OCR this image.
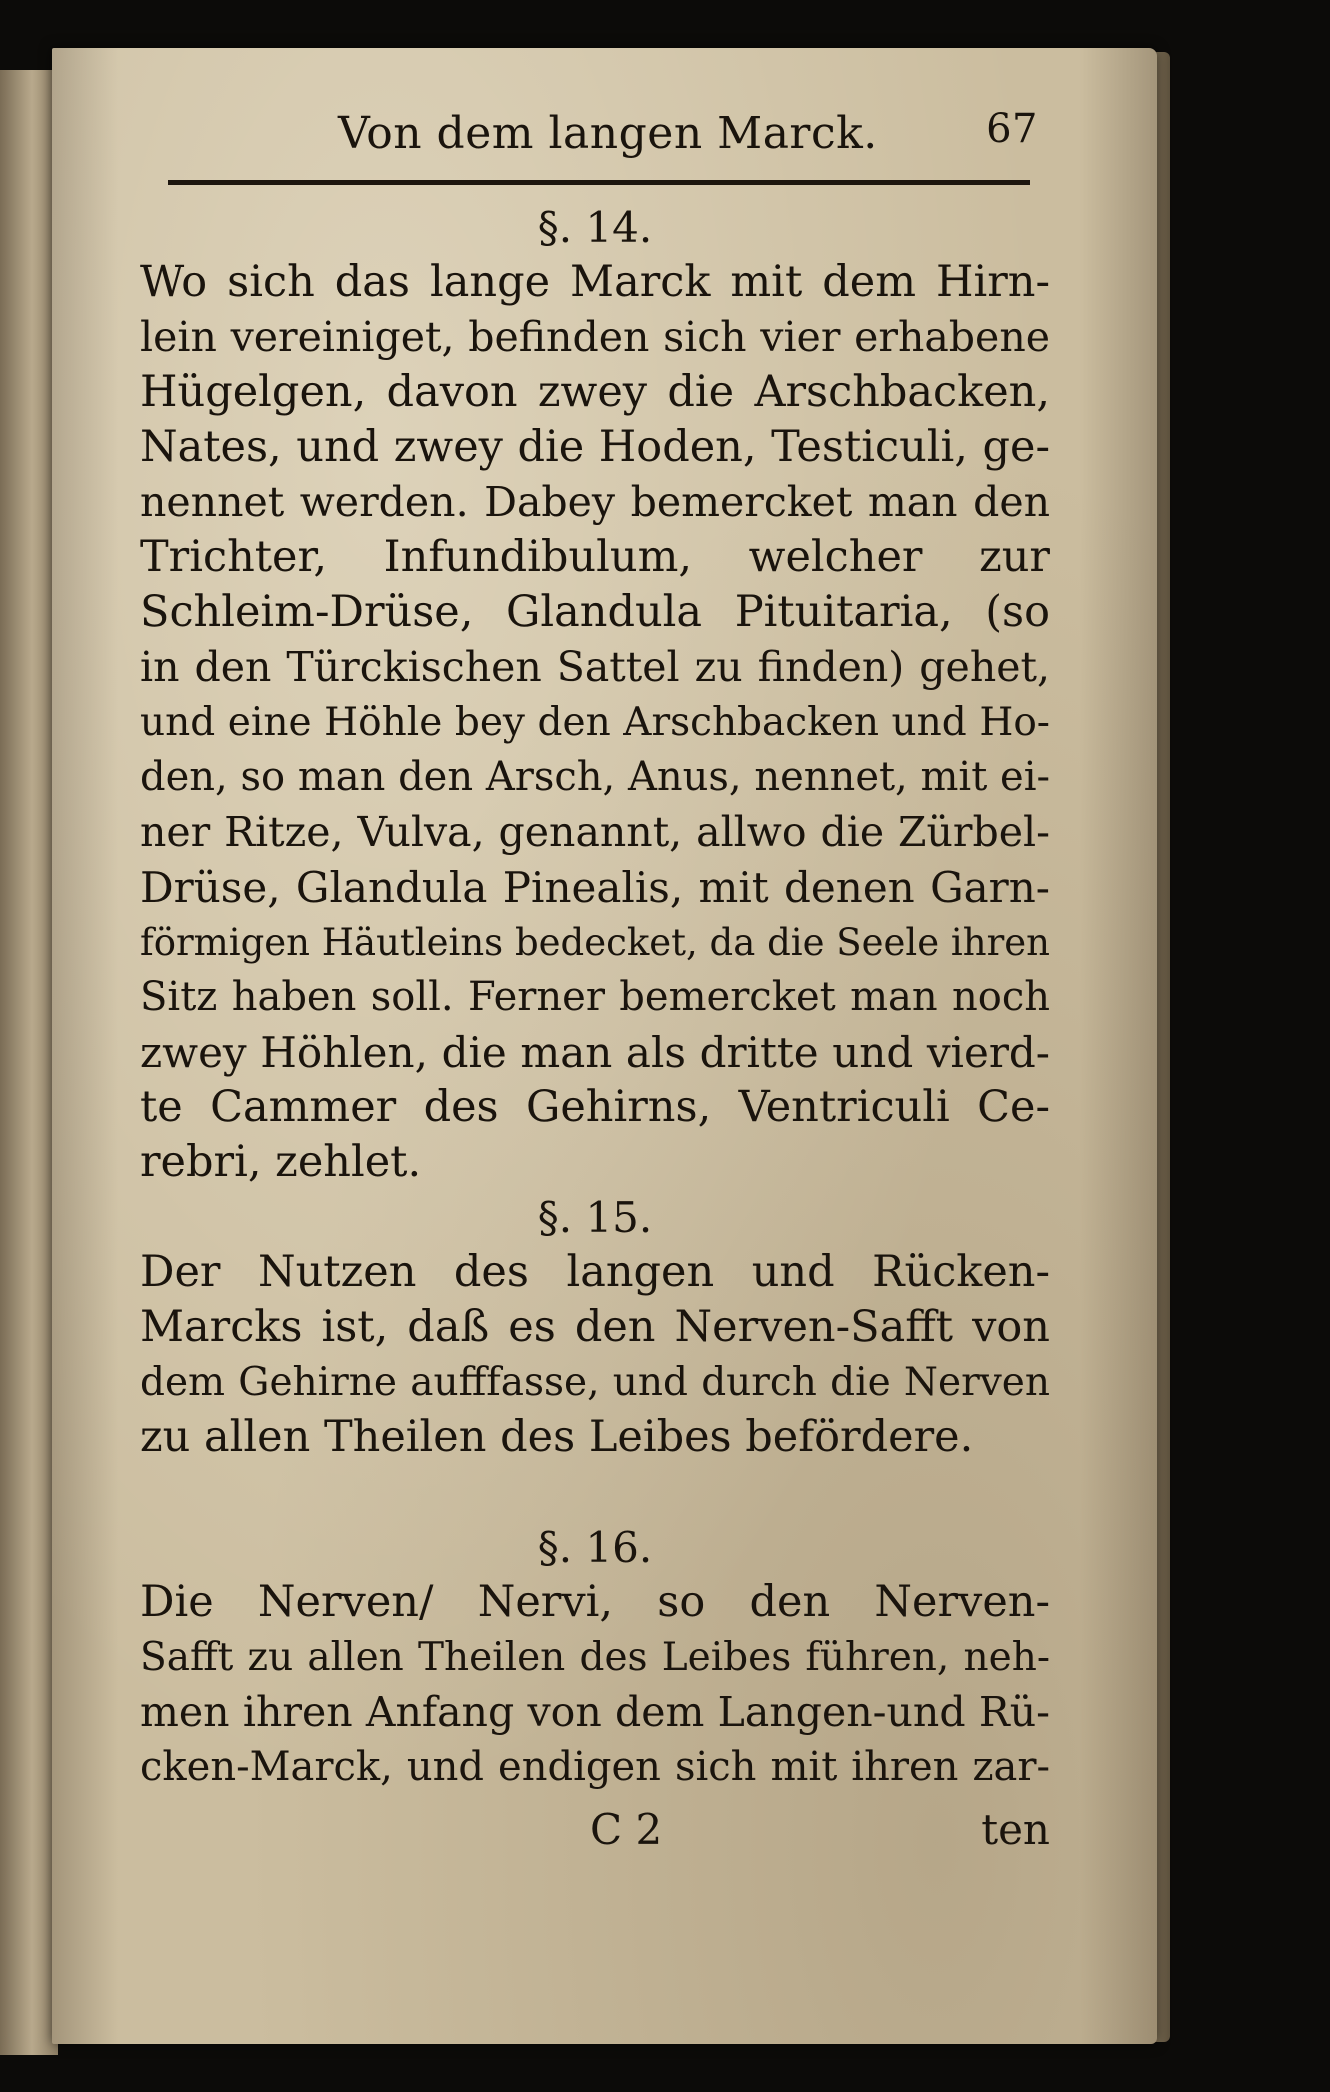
Von dem langen Marck.	67
§. 14.
Wo sich das lange Marck mit dem Hirn-
lein vereiniget, befinden sich vier erhabene
Hügelgen, davon zwey die Arschbacken,
Nates, und zwey die Hoden, Testiculi, ge-
nennet werden. Dabey bemercket man den
Trichter, Infundibulum, welcher zur
Schleim-Drüse, Glandula Pituitaria, (so
in den Türckischen Sattel zu finden) gehet,
und eine Höhle bey den Arschbacken und Ho-
den, so man den Arsch, Anus, nennet, mit ei-
ner Ritze, Vulva, genannt, allwo die Zürbel-
Drüse, Glandula Pinealis, mit denen Garn-
förmigen Häutleins bedecket, da die Seele ihren
Sitz haben soll. Ferner bemercket man noch
zwey Höhlen, die man als dritte und vierd-
te Cammer des Gehirns, Ventriculi Ce-
rebri, zehlet.
§. 15.
Der Nutzen des langen und Rücken-
Marcks ist, daß es den Nerven-Safft von
dem Gehirne aufffasse, und durch die Nerven
zu allen Theilen des Leibes befördere.
§. 16.
Die Nerven/ Nervi, so den Nerven-
Safft zu allen Theilen des Leibes führen, neh-
men ihren Anfang von dem Langen-und Rü-
cken-Marck, und endigen sich mit ihren zar-
C 2	ten
